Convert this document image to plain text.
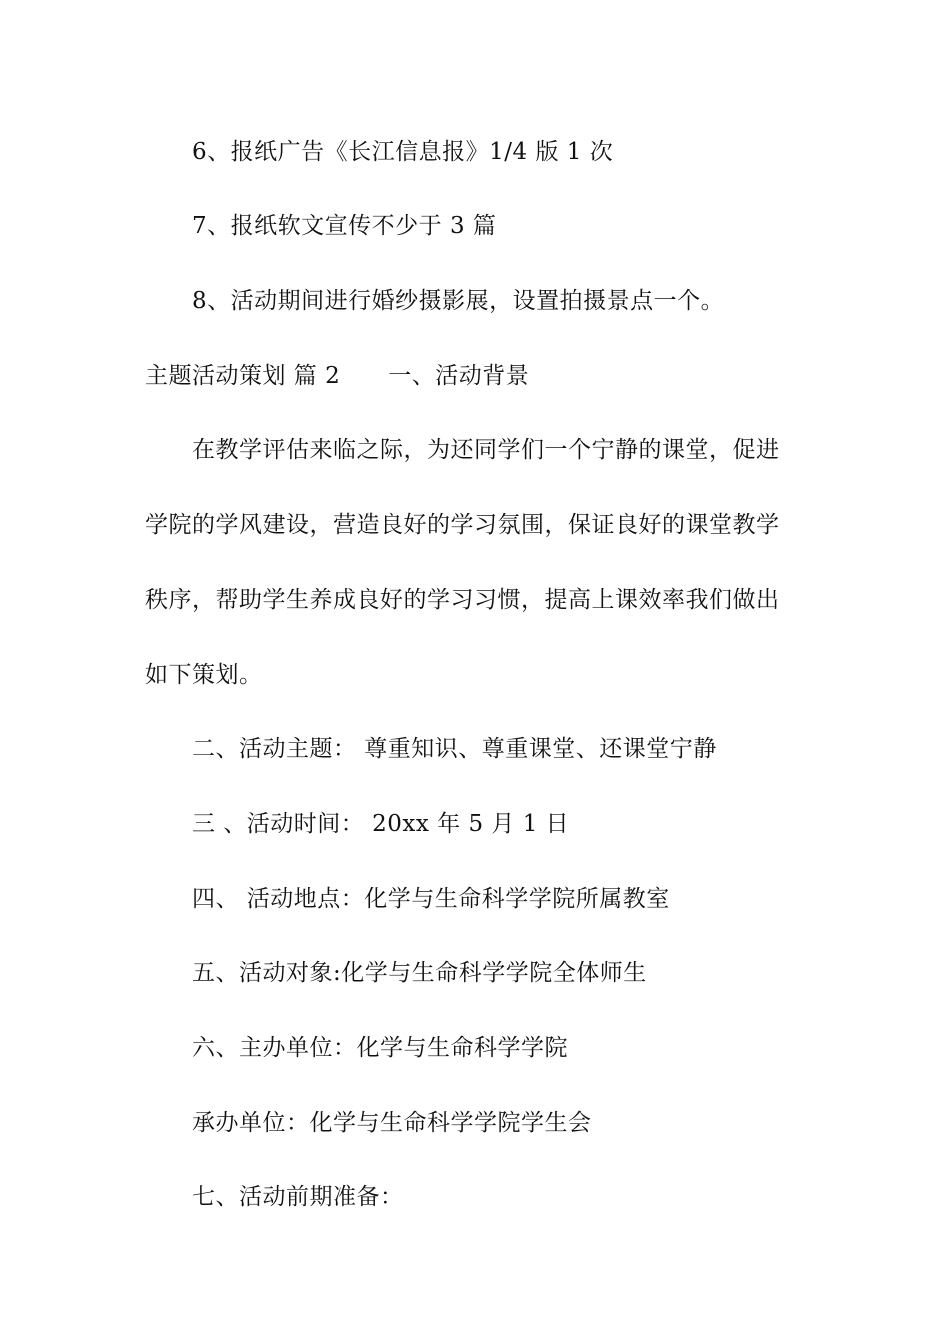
6、报纸广告《长江信息报》1/4 版 1 次
7、报纸软文宣传不少于 3 篇
8、活动期间进行婚纱摄影展，设置拍摄景点一个。
主题活动策划 篇 2 一、活动背景
在教学评估来临之际，为还同学们一个宁静的课堂，促进
学院的学风建设，营造良好的学习氛围，保证良好的课堂教学
秩序，帮助学生养成良好的学习习惯，提高上课效率我们做出
如下策划。
二、活动主题： 尊重知识、尊重课堂、还课堂宁静
三 、活动时间： 20xx 年 5 月 1 日
四、 活动地点：化学与生命科学学院所属教室
五、活动对象:化学与生命科学学院全体师生
六、主办单位：化学与生命科学学院
承办单位：化学与生命科学学院学生会
七、活动前期准备：
